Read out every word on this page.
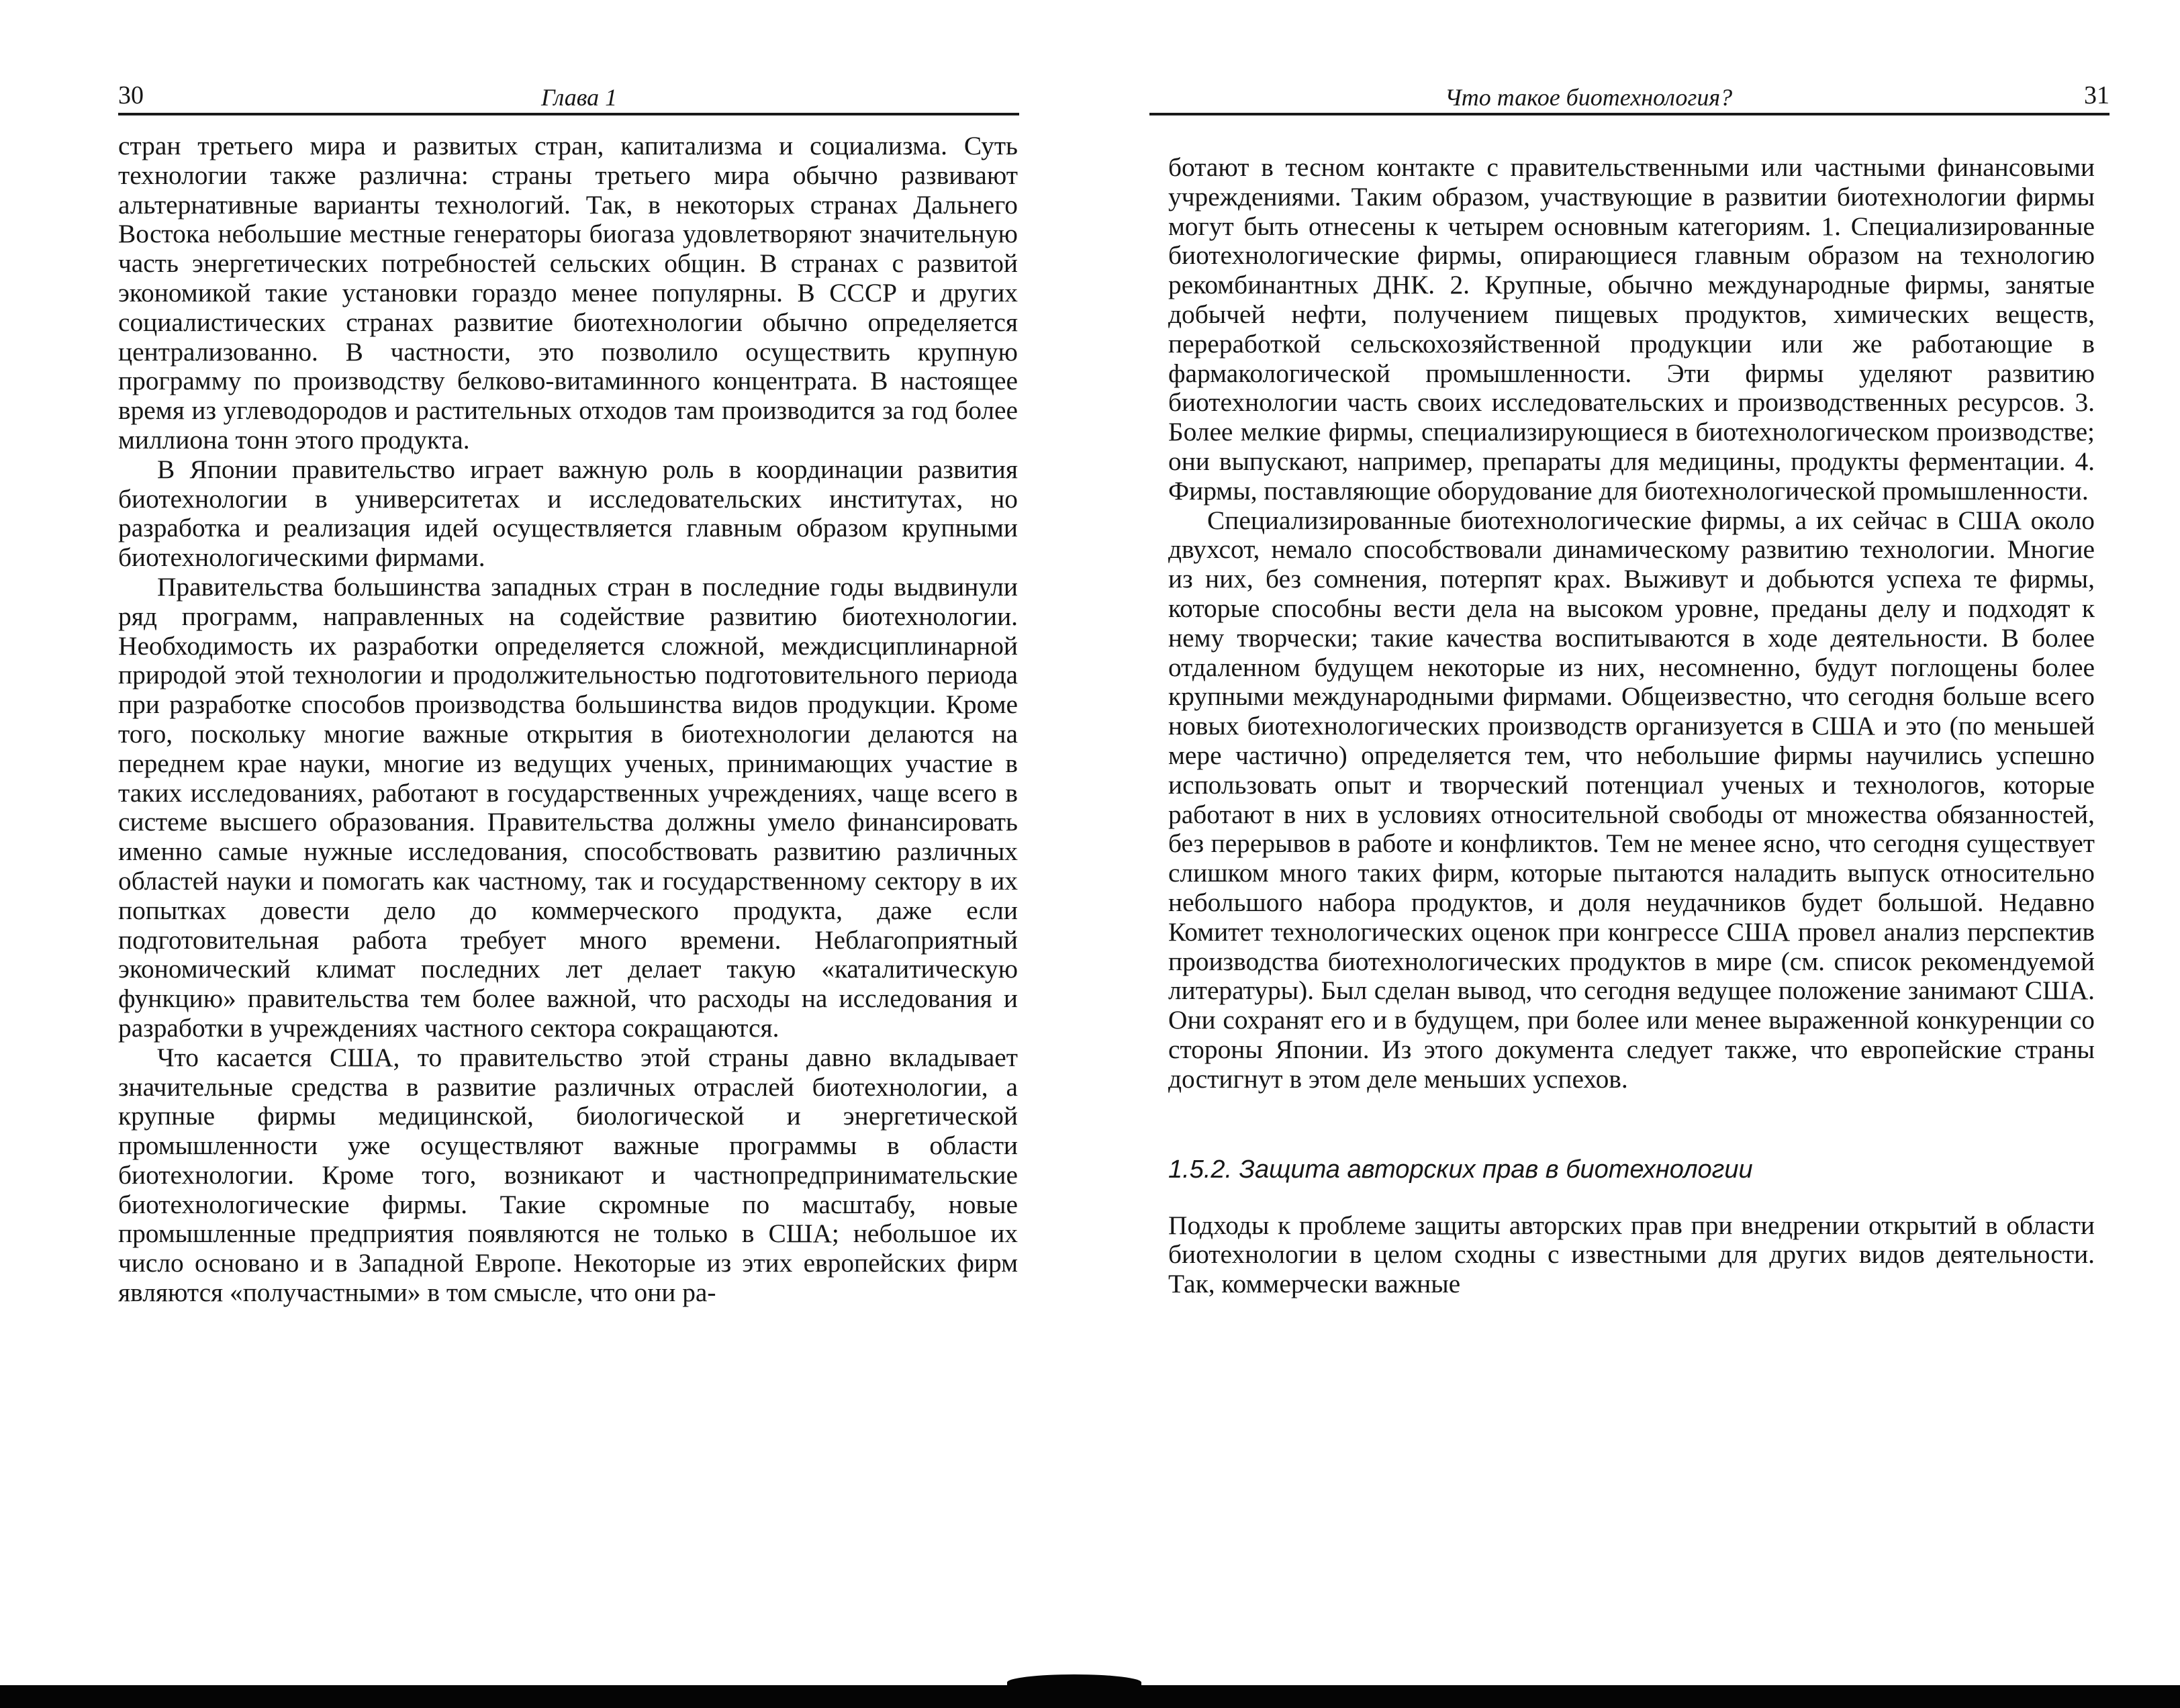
30	Глава 1

стран третьего мира и развитых стран, капитализма и социализма. Суть технологии также различна: страны третьего мира обычно развивают альтернативные варианты технологий. Так, в некоторых странах Дальнего Востока небольшие местные генераторы биогаза удовлетворяют значительную часть энергетических потребностей сельских общин. В странах с развитой экономикой такие установки гораздо менее популярны. В СССР и других социалистических странах развитие биотехнологии обычно определяется централизованно. В частности, это позволило осуществить крупную программу по производству белково-витаминного концентрата. В настоящее время из углеводородов и растительных отходов там производится за год более миллиона тонн этого продукта.

В Японии правительство играет важную роль в координации развития биотехнологии в университетах и исследовательских институтах, но разработка и реализация идей осуществляется главным образом крупными биотехнологическими фирмами.

Правительства большинства западных стран в последние годы выдвинули ряд программ, направленных на содействие развитию биотехнологии. Необходимость их разработки определяется сложной, междисциплинарной природой этой технологии и продолжительностью подготовительного периода при разработке способов производства большинства видов продукции. Кроме того, поскольку многие важные открытия в биотехнологии делаются на переднем крае науки, многие из ведущих ученых, принимающих участие в таких исследованиях, работают в государственных учреждениях, чаще всего в системе высшего образования. Правительства должны умело финансировать именно самые нужные исследования, способствовать развитию различных областей науки и помогать как частному, так и государственному сектору в их попытках довести дело до коммерческого продукта, даже если подготовительная работа требует много времени. Неблагоприятный экономический климат последних лет делает такую «каталитическую функцию» правительства тем более важной, что расходы на исследования и разработки в учреждениях частного сектора сокращаются.

Что касается США, то правительство этой страны давно вкладывает значительные средства в развитие различных отраслей биотехнологии, а крупные фирмы медицинской, биологической и энергетической промышленности уже осуществляют важные программы в области биотехнологии. Кроме того, возникают и частнопредпринимательские биотехнологические фирмы. Такие скромные по масштабу, новые промышленные предприятия появляются не только в США; небольшое их число основано и в Западной Европе. Некоторые из этих европейских фирм являются «получастными» в том смысле, что они ра-

Что такое биотехнология?	31

ботают в тесном контакте с правительственными или частными финансовыми учреждениями. Таким образом, участвующие в развитии биотехнологии фирмы могут быть отнесены к четырем основным категориям. 1. Специализированные биотехнологические фирмы, опирающиеся главным образом на технологию рекомбинантных ДНК. 2. Крупные, обычно международные фирмы, занятые добычей нефти, получением пищевых продуктов, химических веществ, переработкой сельскохозяйственной продукции или же работающие в фармакологической промышленности. Эти фирмы уделяют развитию биотехнологии часть своих исследовательских и производственных ресурсов. 3. Более мелкие фирмы, специализирующиеся в биотехнологическом производстве; они выпускают, например, препараты для медицины, продукты ферментации. 4. Фирмы, поставляющие оборудование для биотехнологической промышленности.

Специализированные биотехнологические фирмы, а их сейчас в США около двухсот, немало способствовали динамическому развитию технологии. Многие из них, без сомнения, потерпят крах. Выживут и добьются успеха те фирмы, которые способны вести дела на высоком уровне, преданы делу и подходят к нему творчески; такие качества воспитываются в ходе деятельности. В более отдаленном будущем некоторые из них, несомненно, будут поглощены более крупными международными фирмами. Общеизвестно, что сегодня больше всего новых биотехнологических производств организуется в США и это (по меньшей мере частично) определяется тем, что небольшие фирмы научились успешно использовать опыт и творческий потенциал ученых и технологов, которые работают в них в условиях относительной свободы от множества обязанностей, без перерывов в работе и конфликтов. Тем не менее ясно, что сегодня существует слишком много таких фирм, которые пытаются наладить выпуск относительно небольшого набора продуктов, и доля неудачников будет большой. Недавно Комитет технологических оценок при конгрессе США провел анализ перспектив производства биотехнологических продуктов в мире (см. список рекомендуемой литературы). Был сделан вывод, что сегодня ведущее положение занимают США. Они сохранят его и в будущем, при более или менее выраженной конкуренции со стороны Японии. Из этого документа следует также, что европейские страны достигнут в этом деле меньших успехов.

1.5.2. Защита авторских прав в биотехнологии

Подходы к проблеме защиты авторских прав при внедрении открытий в области биотехнологии в целом сходны с известными для других видов деятельности. Так, коммерчески важные
